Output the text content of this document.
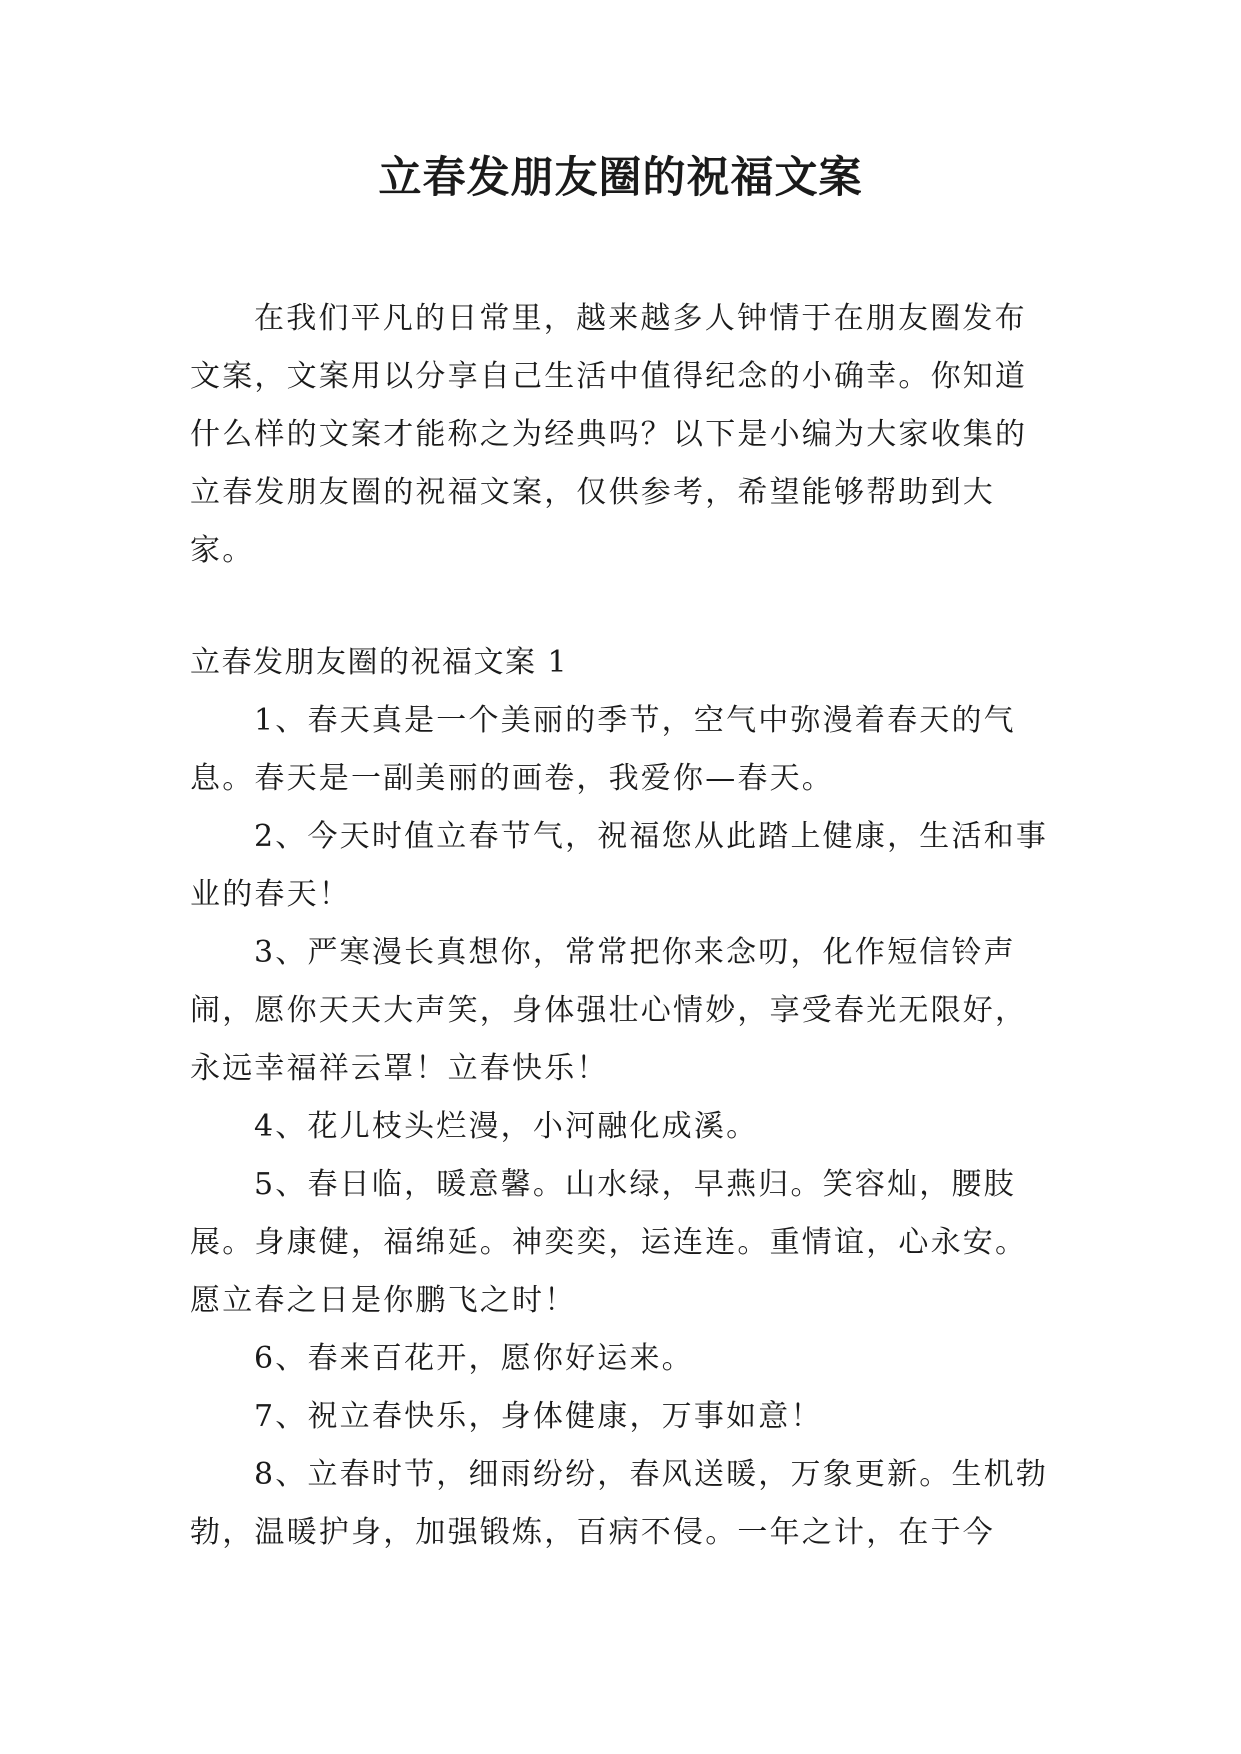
立春发朋友圈的祝福文案

在我们平凡的日常里，越来越多人钟情于在朋友圈发布文案，文案用以分享自己生活中值得纪念的小确幸。你知道什么样的文案才能称之为经典吗？以下是小编为大家收集的立春发朋友圈的祝福文案，仅供参考，希望能够帮助到大家。

立春发朋友圈的祝福文案 1

1、春天真是一个美丽的季节，空气中弥漫着春天的气息。春天是一副美丽的画卷，我爱你—春天。
2、今天时值立春节气，祝福您从此踏上健康，生活和事业的春天！
3、严寒漫长真想你，常常把你来念叨，化作短信铃声闹，愿你天天大声笑，身体强壮心情妙，享受春光无限好，永远幸福祥云罩！立春快乐！
4、花儿枝头烂漫，小河融化成溪。
5、春日临，暖意馨。山水绿，早燕归。笑容灿，腰肢展。身康健，福绵延。神奕奕，运连连。重情谊，心永安。愿立春之日是你鹏飞之时！
6、春来百花开，愿你好运来。
7、祝立春快乐，身体健康，万事如意！
8、立春时节，细雨纷纷，春风送暖，万象更新。生机勃勃，温暖护身，加强锻炼，百病不侵。一年之计，在于今
